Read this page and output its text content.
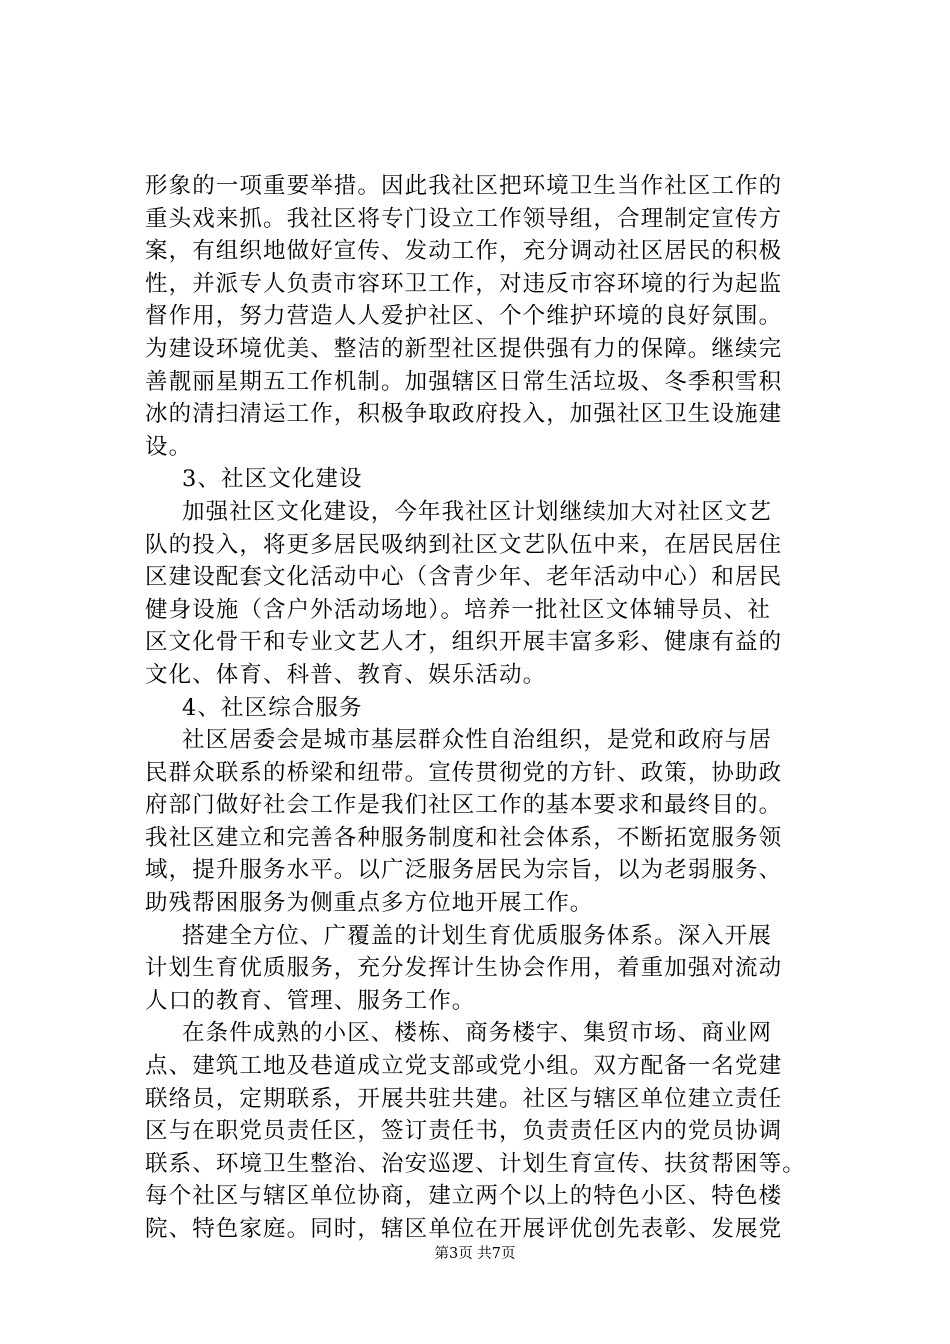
形象的一项重要举措。因此我社区把环境卫生当作社区工作的
重头戏来抓。我社区将专门设立工作领导组，合理制定宣传方
案，有组织地做好宣传、发动工作，充分调动社区居民的积极
性，并派专人负责市容环卫工作，对违反市容环境的行为起监
督作用，努力营造人人爱护社区、个个维护环境的良好氛围。
为建设环境优美、整洁的新型社区提供强有力的保障。继续完
善靓丽星期五工作机制。加强辖区日常生活垃圾、冬季积雪积
冰的清扫清运工作，积极争取政府投入，加强社区卫生设施建
设。
3、社区文化建设
加强社区文化建设，今年我社区计划继续加大对社区文艺
队的投入，将更多居民吸纳到社区文艺队伍中来，在居民居住
区建设配套文化活动中心（含青少年、老年活动中心）和居民
健身设施（含户外活动场地）。培养一批社区文体辅导员、社
区文化骨干和专业文艺人才，组织开展丰富多彩、健康有益的
文化、体育、科普、教育、娱乐活动。
4、社区综合服务
社区居委会是城市基层群众性自治组织，是党和政府与居
民群众联系的桥梁和纽带。宣传贯彻党的方针、政策，协助政
府部门做好社会工作是我们社区工作的基本要求和最终目的。
我社区建立和完善各种服务制度和社会体系，不断拓宽服务领
域，提升服务水平。以广泛服务居民为宗旨，以为老弱服务、
助残帮困服务为侧重点多方位地开展工作。
搭建全方位、广覆盖的计划生育优质服务体系。深入开展
计划生育优质服务，充分发挥计生协会作用，着重加强对流动
人口的教育、管理、服务工作。
在条件成熟的小区、楼栋、商务楼宇、集贸市场、商业网
点、建筑工地及巷道成立党支部或党小组。双方配备一名党建
联络员，定期联系，开展共驻共建。社区与辖区单位建立责任
区与在职党员责任区，签订责任书，负责责任区内的党员协调
联系、环境卫生整治、治安巡逻、计划生育宣传、扶贫帮困等。
每个社区与辖区单位协商，建立两个以上的特色小区、特色楼
院、特色家庭。同时，辖区单位在开展评优创先表彰、发展党
第3页 共7页
